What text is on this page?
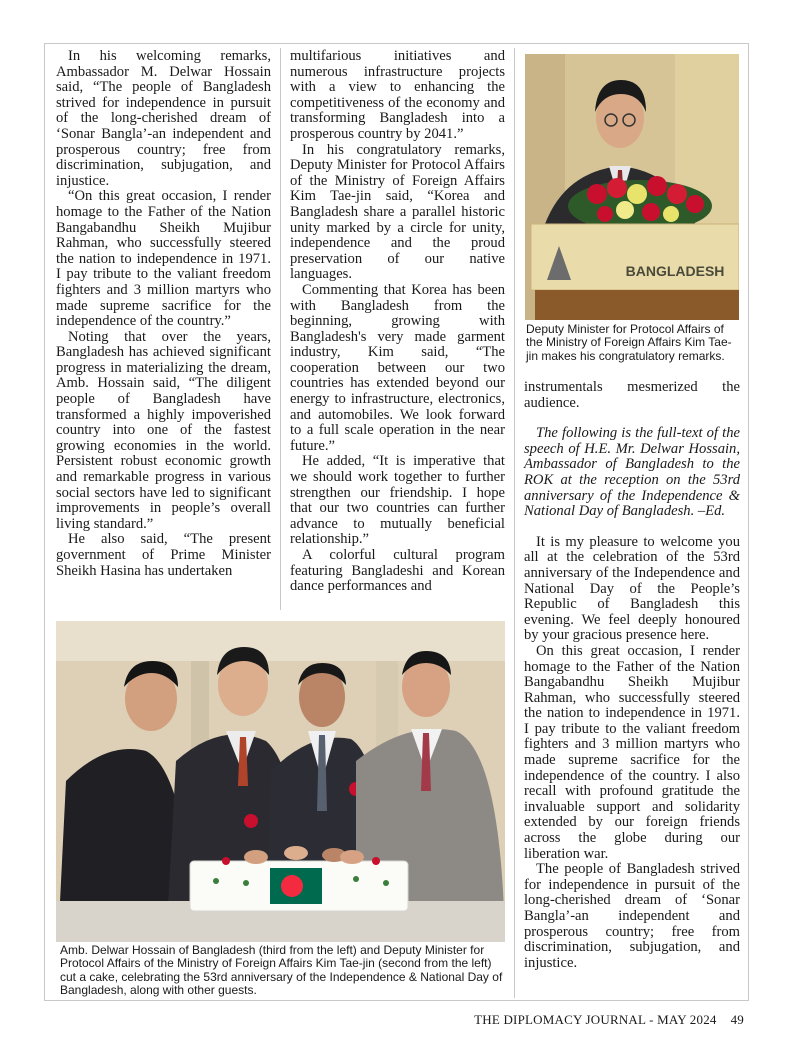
In his welcoming remarks, Ambassador M. Delwar Hossain said, “The people of Bangladesh strived for independence in pursuit of the long-cherished dream of ‘Sonar Bangla’-an independent and prosperous country; free from discrimination, subjugation, and injustice.

“On this great occasion, I render homage to the Father of the Nation Bangabandhu Sheikh Mujibur Rahman, who successfully steered the nation to independence in 1971. I pay tribute to the valiant freedom fighters and 3 million martyrs who made supreme sacrifice for the independence of the country.”

Noting that over the years, Bangladesh has achieved significant progress in materializing the dream, Amb. Hossain said, “The diligent people of Bangladesh have transformed a highly impoverished country into one of the fastest growing economies in the world. Persistent robust economic growth and remarkable progress in various social sectors have led to significant improvements in people’s overall living standard.”

He also said, “The present government of Prime Minister Sheikh Hasina has undertaken

multifarious initiatives and numerous infrastructure projects with a view to enhancing the competitiveness of the economy and transforming Bangladesh into a prosperous country by 2041.”

In his congratulatory remarks, Deputy Minister for Protocol Affairs of the Ministry of Foreign Affairs Kim Tae-jin said, “Korea and Bangladesh share a parallel historic unity marked by a circle for unity, independence and the proud preservation of our native languages.

Commenting that Korea has been with Bangladesh from the beginning, growing with Bangladesh's very made garment industry, Kim said, “The cooperation between our two countries has extended beyond our energy to infrastructure, electronics, and automobiles. We look forward to a full scale operation in the near future.”

He added, “It is imperative that we should work together to further strengthen our friendship. I hope that our two countries can further advance to mutually beneficial relationship.”

A colorful cultural program featuring Bangladeshi and Korean dance performances and

BANGLADESH
Deputy Minister for Protocol Affairs of the Ministry of Foreign Affairs Kim Tae-jin makes his congratulatory remarks.

instrumentals mesmerized the audience.

The following is the full-text of the speech of H.E. Mr. Delwar Hossain, Ambassador of Bangladesh to the ROK at the reception on the 53rd anniversary of the Independence & National Day of Bangladesh. –Ed.

It is my pleasure to welcome you all at the celebration of the 53rd anniversary of the Independence and National Day of the People’s Republic of Bangladesh this evening. We feel deeply honoured by your gracious presence here.

On this great occasion, I render homage to the Father of the Nation Bangabandhu Sheikh Mujibur Rahman, who successfully steered the nation to independence in 1971. I pay tribute to the valiant freedom fighters and 3 million martyrs who made supreme sacrifice for the independence of the country. I also recall with profound gratitude the invaluable support and solidarity extended by our foreign friends across the globe during our liberation war.

The people of Bangladesh strived for independence in pursuit of the long-cherished dream of ‘Sonar Bangla’-an independent and prosperous country; free from discrimination, subjugation, and injustice.

Amb. Delwar Hossain of Bangladesh (third from the left) and Deputy Minister for Protocol Affairs of the Ministry of Foreign Affairs Kim Tae-jin (second from the left) cut a cake, celebrating the 53rd anniversary of the Independence & National Day of Bangladesh, along with other guests.
THE DIPLOMACY JOURNAL - MAY 2024 49
